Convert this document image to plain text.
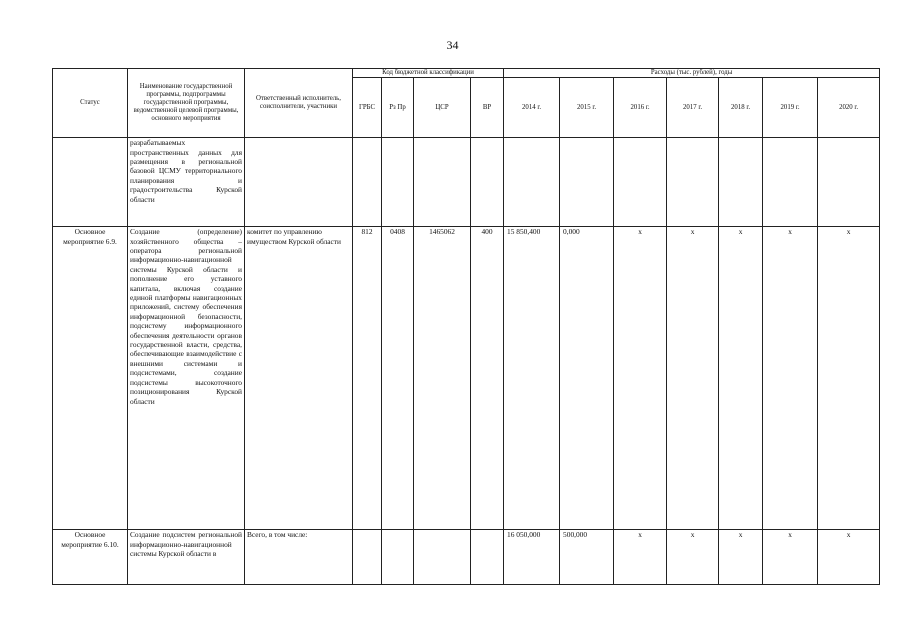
34
Статус	Наименование государственной программы, подпрограммы государственной программы, ведомственной целевой программы, основного мероприятия	Ответственный исполнитель, соисполнители, участники	Код бюджетной классификации				Расходы (тыс. рублей), годы						
			ГРБС	Рз Пр	ЦСР	ВР	2014 г.	2015 г.	2016 г.	2017 г.	2018 г.	2019 г.	2020 г.
	разрабатываемых пространственных данных для размещения в региональной базовой ЦСМУ территориального планирования и градостроительства Курской области												
Основное мероприятие 6.9.	Создание (определение) хозяйственного общества – оператора региональной информационно-навигационной системы Курской области и пополнение его уставного капитала, включая создание единой платформы навигационных приложений, систему обеспечения информационной безопасности, подсистему информационного обеспечения деятельности органов государственной власти, средства, обеспечивающие взаимодействие с внешними системами и подсистемами, создание подсистемы высокоточного позиционирования Курской области	комитет по управлению имуществом Курской области	812	0408	1465062	400	15 850,400	0,000	х	х	х	х	х
Основное мероприятие 6.10.	Создание подсистем региональной информационно-навигационной системы Курской области в	Всего, в том числе:					16 050,000	500,000	х	х	х	х	х
